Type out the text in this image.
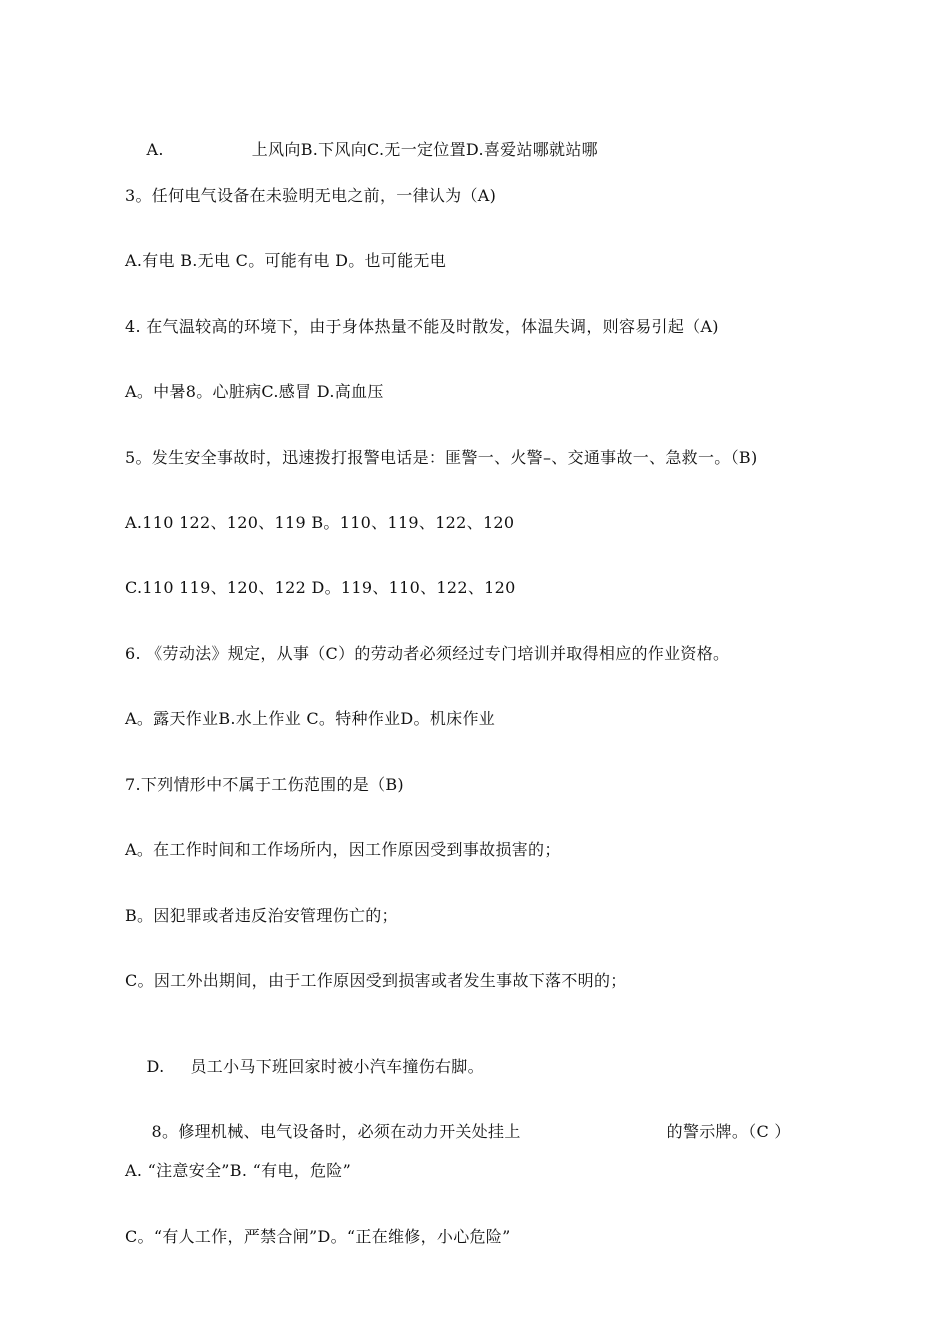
A.	上风向B.下风向C.无一定位置D.喜爱站哪就站哪

3。任何电气设备在未验明无电之前，一律认为（A)
A.有电 B.无电 C。可能有电 D。也可能无电
4. 在气温较高的环境下，由于身体热量不能及时散发，体温失调，则容易引起（A)
A。中暑8。心脏病C.感冒 D.高血压
5。发生安全事故时，迅速拨打报警电话是：匪警一、火警–、交通事故一、急救一。（B)
A.110 122、120、119 B。110、119、122、120
C.110 119、120、122 D。119、110、122、120
6. 《劳动法》规定，从事（C）的劳动者必须经过专门培训并取得相应的作业资格。
A。露天作业B.水上作业 C。特种作业D。机床作业
7.下列情形中不属于工伤范围的是（B)
A。在工作时间和工作场所内，因工作原因受到事故损害的；
B。因犯罪或者违反治安管理伤亡的；
C。因工外出期间，由于工作原因受到损害或者发生事故下落不明的；

D. 员工小马下班回家时被小汽车撞伤右脚。

8。修理机械、电气设备时，必须在动力开关处挂上	的警示牌。（C ）

A. “注意安全”B. “有电，危险”
C。“有人工作，严禁合闸”D。“正在维修，小心危险”
